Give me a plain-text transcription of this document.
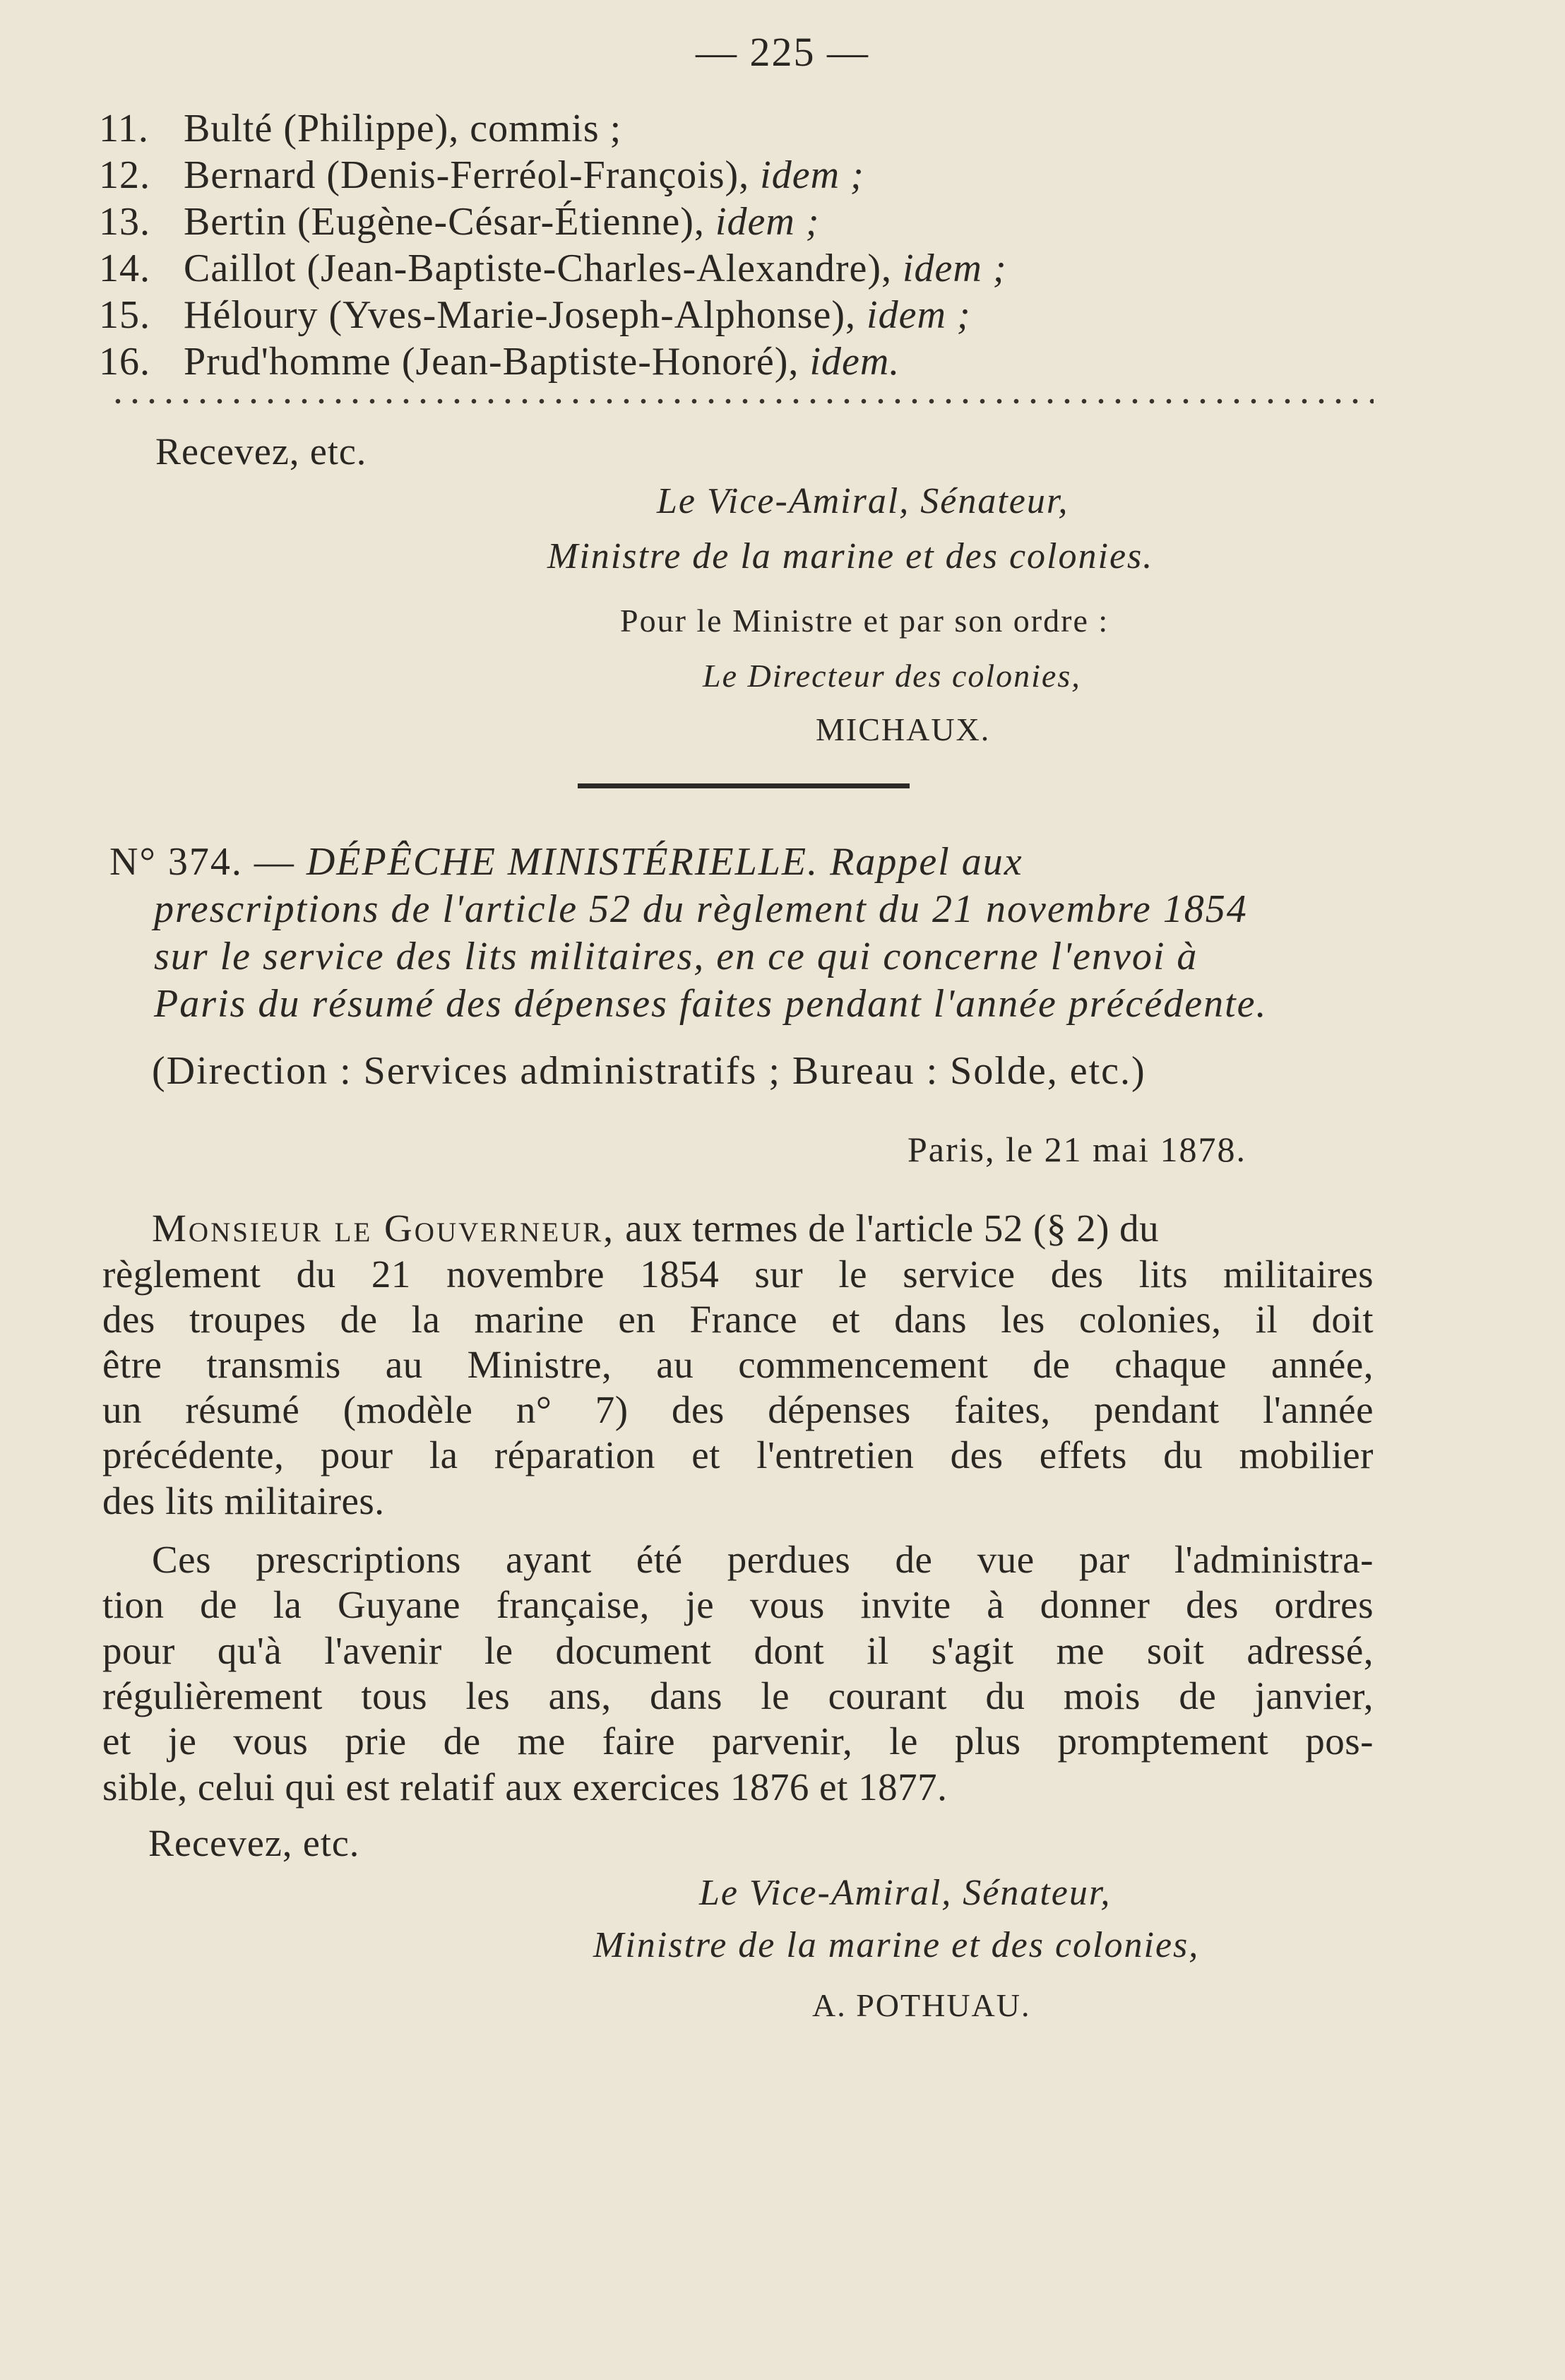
— 225 —
11. Bulté (Philippe), commis ;
12. Bernard (Denis-Ferréol-François), idem ;
13. Bertin (Eugène-César-Étienne), idem ;
14. Caillot (Jean-Baptiste-Charles-Alexandre), idem ;
15. Héloury (Yves-Marie-Joseph-Alphonse), idem ;
16. Prud'homme (Jean-Baptiste-Honoré), idem.
Recevez, etc.
Le Vice-Amiral, Sénateur,
Ministre de la marine et des colonies.
Pour le Ministre et par son ordre :
Le Directeur des colonies,
MICHAUX.
N° 374. — DÉPÊCHE MINISTÉRIELLE. Rappel aux
prescriptions de l'article 52 du règlement du 21 novembre 1854
sur le service des lits militaires, en ce qui concerne l'envoi à
Paris du résumé des dépenses faites pendant l'année précédente.
(Direction : Services administratifs ; Bureau : Solde, etc.)
Paris, le 21 mai 1878.
Monsieur le Gouverneur, aux termes de l'article 52 (§ 2) du
règlement du 21 novembre 1854 sur le service des lits militaires
des troupes de la marine en France et dans les colonies, il doit
être transmis au Ministre, au commencement de chaque année,
un résumé (modèle n° 7) des dépenses faites, pendant l'année
précédente, pour la réparation et l'entretien des effets du mobilier
des lits militaires.
Ces prescriptions ayant été perdues de vue par l'administra-
tion de la Guyane française, je vous invite à donner des ordres
pour qu'à l'avenir le document dont il s'agit me soit adressé,
régulièrement tous les ans, dans le courant du mois de janvier,
et je vous prie de me faire parvenir, le plus promptement pos-
sible, celui qui est relatif aux exercices 1876 et 1877.
Recevez, etc.
Le Vice-Amiral, Sénateur,
Ministre de la marine et des colonies,
A. POTHUAU.
